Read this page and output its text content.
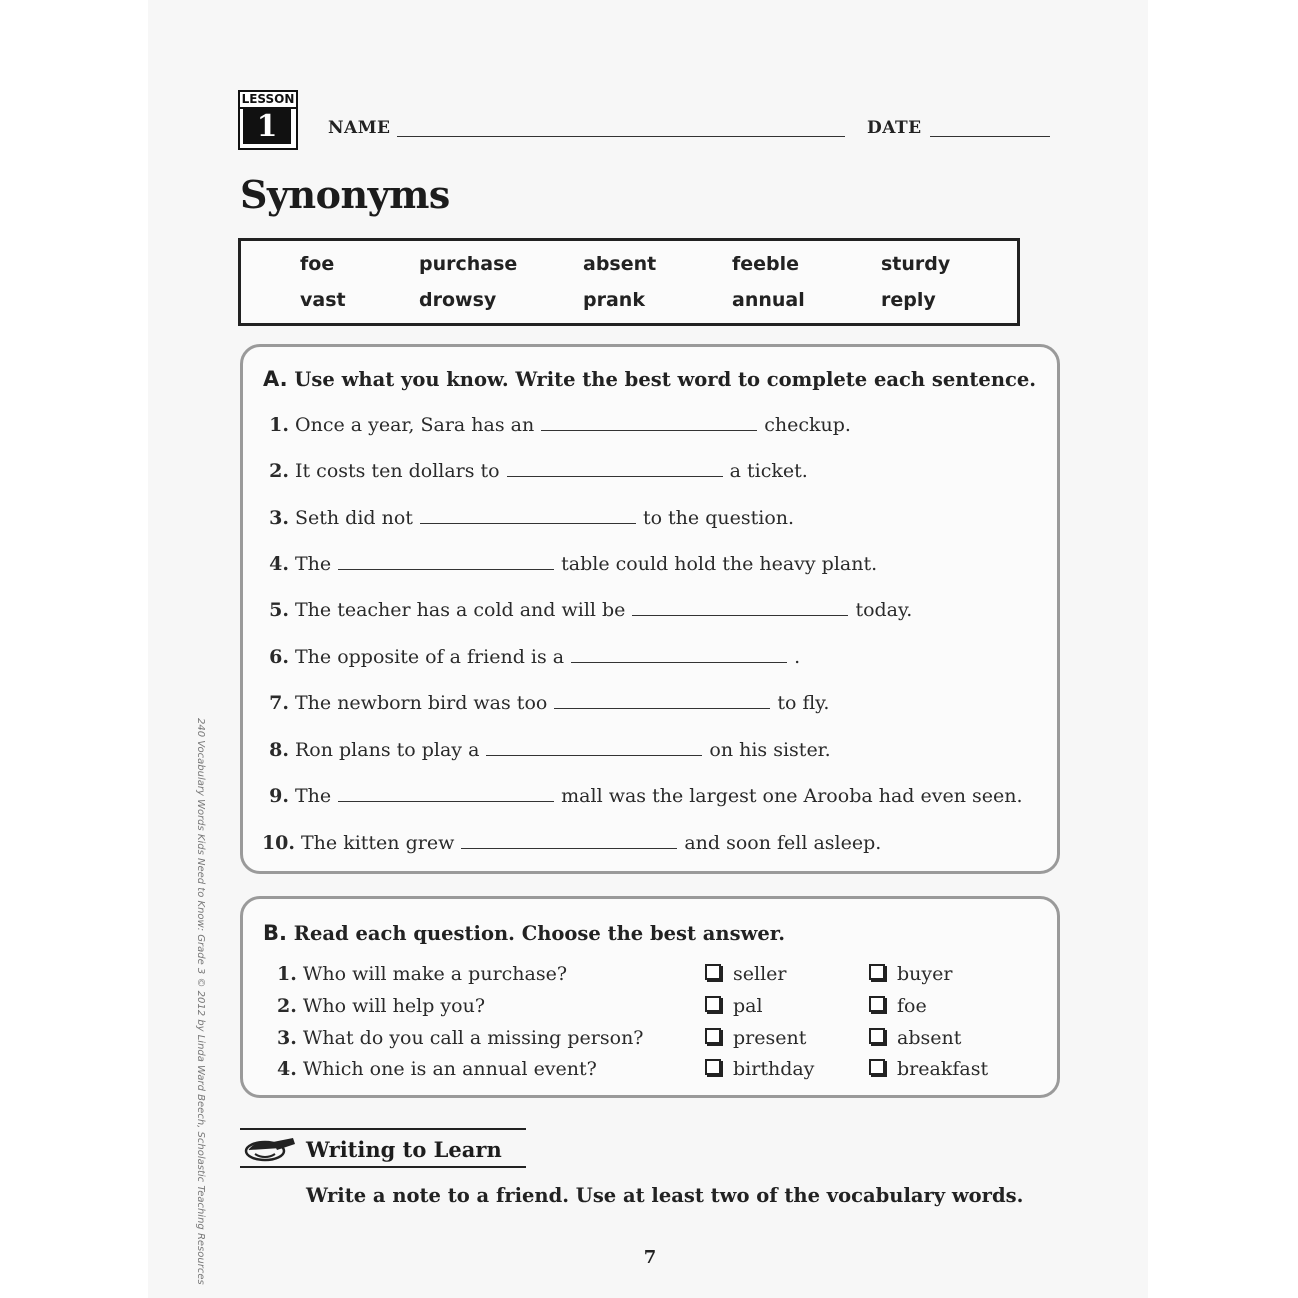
LESSON
1	NAME	DATE
Synonyms
foe	purchase	absent	feeble	sturdy
vast	drowsy	prank	annual	reply
A. Use what you know. Write the best word to complete each sentence.
1. Once a year, Sara has an	checkup.
2. It costs ten dollars to	a ticket.
3. Seth did not	to the question.
4. The	table could hold the heavy plant.
5. The teacher has a cold and will be	today.
6. The opposite of a friend is a	.
7. The newborn bird was too	to fly.
8. Ron plans to play a	on his sister.
9. The	mall was the largest one Arooba had even seen.
10. The kitten grew	and soon fell asleep.
B. Read each question. Choose the best answer.
1. Who will make a purchase?	seller	buyer
2. Who will help you?	pal	foe
3. What do you call a missing person?	present	absent
4. Which one is an annual event?	birthday	breakfast
Writing to Learn
Write a note to a friend. Use at least two of the vocabulary words.
7
240 Vocabulary Words Kids Need to Know: Grade 3 © 2012 by Linda Ward Beech, Scholastic Teaching Resources
